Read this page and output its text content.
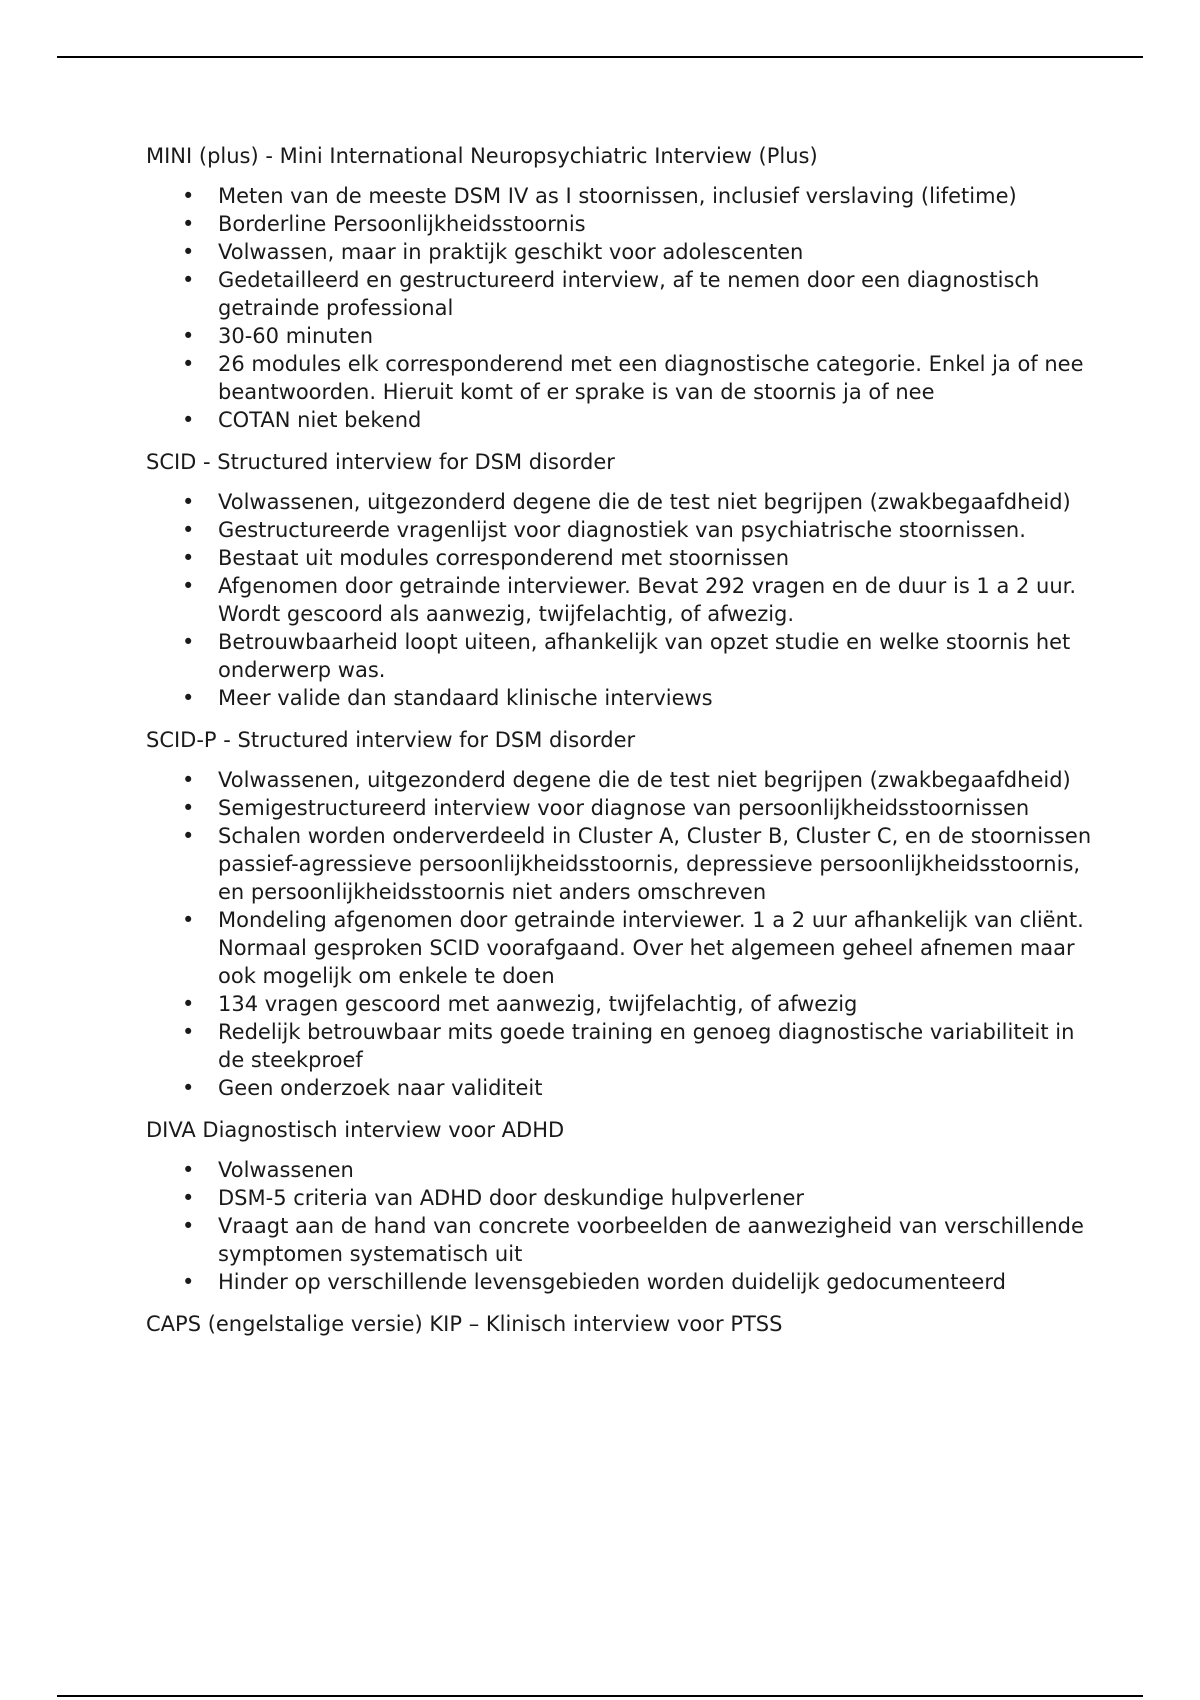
MINI (plus) - Mini International Neuropsychiatric Interview (Plus)

• Meten van de meeste DSM IV as I stoornissen, inclusief verslaving (lifetime)
• Borderline Persoonlijkheidsstoornis
• Volwassen, maar in praktijk geschikt voor adolescenten
• Gedetailleerd en gestructureerd interview, af te nemen door een diagnostisch getrainde professional
• 30-60 minuten
• 26 modules elk corresponderend met een diagnostische categorie. Enkel ja of nee beantwoorden. Hieruit komt of er sprake is van de stoornis ja of nee
• COTAN niet bekend

SCID - Structured interview for DSM disorder

• Volwassenen, uitgezonderd degene die de test niet begrijpen (zwakbegaafdheid)
• Gestructureerde vragenlijst voor diagnostiek van psychiatrische stoornissen.
• Bestaat uit modules corresponderend met stoornissen
• Afgenomen door getrainde interviewer. Bevat 292 vragen en de duur is 1 a 2 uur. Wordt gescoord als aanwezig, twijfelachtig, of afwezig.
• Betrouwbaarheid loopt uiteen, afhankelijk van opzet studie en welke stoornis het onderwerp was.
• Meer valide dan standaard klinische interviews

SCID-P - Structured interview for DSM disorder

• Volwassenen, uitgezonderd degene die de test niet begrijpen (zwakbegaafdheid)
• Semigestructureerd interview voor diagnose van persoonlijkheidsstoornissen
• Schalen worden onderverdeeld in Cluster A, Cluster B, Cluster C, en de stoornissen passief-agressieve persoonlijkheidsstoornis, depressieve persoonlijkheidsstoornis, en persoonlijkheidsstoornis niet anders omschreven
• Mondeling afgenomen door getrainde interviewer. 1 a 2 uur afhankelijk van cliënt. Normaal gesproken SCID voorafgaand. Over het algemeen geheel afnemen maar ook mogelijk om enkele te doen
• 134 vragen gescoord met aanwezig, twijfelachtig, of afwezig
• Redelijk betrouwbaar mits goede training en genoeg diagnostische variabiliteit in de steekproef
• Geen onderzoek naar validiteit

DIVA Diagnostisch interview voor ADHD

• Volwassenen
• DSM-5 criteria van ADHD door deskundige hulpverlener
• Vraagt aan de hand van concrete voorbeelden de aanwezigheid van verschillende symptomen systematisch uit
• Hinder op verschillende levensgebieden worden duidelijk gedocumenteerd

CAPS (engelstalige versie) KIP – Klinisch interview voor PTSS
